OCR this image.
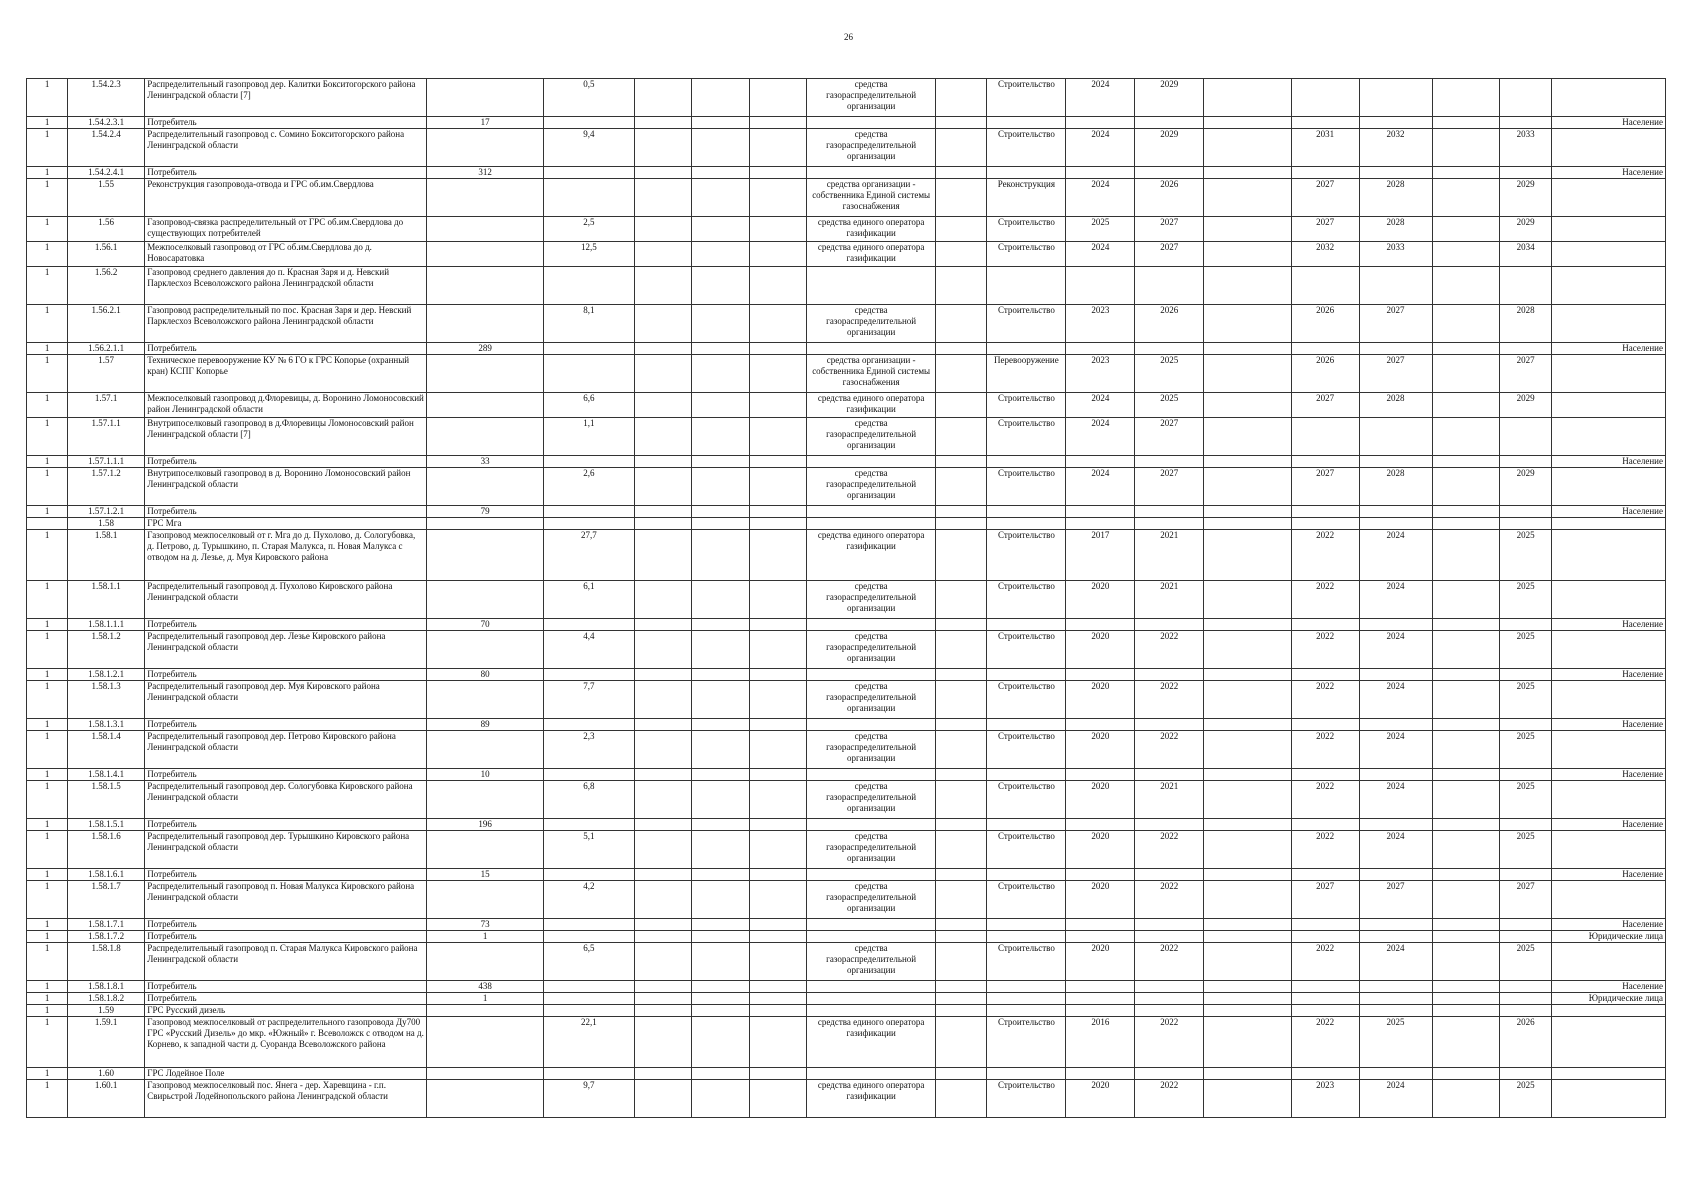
26
1	1.54.2.3	Распределительный газопровод дер. Калитки Бокситогорского района Ленинградской области [7]		0,5				средства газораспределительной организации		Строительство	2024	2029						
1	1.54.2.3.1	Потребитель	17															Население
1	1.54.2.4	Распределительный газопровод с. Сомино Бокситогорского района Ленинградской области		9,4				средства газораспределительной организации		Строительство	2024	2029		2031	2032		2033	
1	1.54.2.4.1	Потребитель	312															Население
1	1.55	Реконструкция газопровода-отвода и ГРС об.им.Свердлова						средства организации - собственника Единой системы газоснабжения		Реконструкция	2024	2026		2027	2028		2029	
1	1.56	Газопровод-связка распределительный от ГРС об.им.Свердлова до существующих потребителей		2,5				средства единого оператора газификации		Строительство	2025	2027		2027	2028		2029	
1	1.56.1	Межпоселковый газопровод от ГРС об.им.Свердлова до д. Новосаратовка		12,5				средства единого оператора газификации		Строительство	2024	2027		2032	2033		2034	
1	1.56.2	Газопровод среднего давления до п. Красная Заря и д. Невский Парклесхоз Всеволожского района Ленинградской области																
1	1.56.2.1	Газопровод распределительный по пос. Красная Заря и дер. Невский Парклесхоз Всеволожского района Ленинградской области		8,1				средства газораспределительной организации		Строительство	2023	2026		2026	2027		2028	
1	1.56.2.1.1	Потребитель	289															Население
1	1.57	Техническое перевооружение КУ № 6 ГО к ГРС Копорье (охранный кран) КСПГ Копорье						средства организации - собственника Единой системы газоснабжения		Перевооружение	2023	2025		2026	2027		2027	
1	1.57.1	Межпоселковый газопровод д.Флоревицы, д. Воронино Ломоносовский район Ленинградской области		6,6				средства единого оператора газификации		Строительство	2024	2025		2027	2028		2029	
1	1.57.1.1	Внутрипоселковый газопровод в д.Флоревицы Ломоносовский район Ленинградской области [7]		1,1				средства газораспределительной организации		Строительство	2024	2027						
1	1.57.1.1.1	Потребитель	33															Население
1	1.57.1.2	Внутрипоселковый газопровод в д. Воронино Ломоносовский район Ленинградской области		2,6				средства газораспределительной организации		Строительство	2024	2027		2027	2028		2029	
1	1.57.1.2.1	Потребитель	79															Население
	1.58	ГРС Мга																
1	1.58.1	Газопровод межпоселковый от г. Мга до д. Пухолово, д. Сологубовка, д. Петрово, д. Турышкино, п. Старая Малукса, п. Новая Малукса с отводом на д. Лезье, д. Муя Кировского района		27,7				средства единого оператора газификации		Строительство	2017	2021		2022	2024		2025	
1	1.58.1.1	Распределительный газопровод д. Пухолово Кировского района Ленинградской области		6,1				средства газораспределительной организации		Строительство	2020	2021		2022	2024		2025	
1	1.58.1.1.1	Потребитель	70															Население
1	1.58.1.2	Распределительный газопровод дер. Лезье Кировского района Ленинградской области		4,4				средства газораспределительной организации		Строительство	2020	2022		2022	2024		2025	
1	1.58.1.2.1	Потребитель	80															Население
1	1.58.1.3	Распределительный газопровод дер. Муя Кировского района Ленинградской области		7,7				средства газораспределительной организации		Строительство	2020	2022		2022	2024		2025	
1	1.58.1.3.1	Потребитель	89															Население
1	1.58.1.4	Распределительный газопровод дер. Петрово Кировского района Ленинградской области		2,3				средства газораспределительной организации		Строительство	2020	2022		2022	2024		2025	
1	1.58.1.4.1	Потребитель	10															Население
1	1.58.1.5	Распределительный газопровод дер. Сологубовка Кировского района Ленинградской области		6,8				средства газораспределительной организации		Строительство	2020	2021		2022	2024		2025	
1	1.58.1.5.1	Потребитель	196															Население
1	1.58.1.6	Распределительный газопровод дер. Турышкино Кировского района Ленинградской области		5,1				средства газораспределительной организации		Строительство	2020	2022		2022	2024		2025	
1	1.58.1.6.1	Потребитель	15															Население
1	1.58.1.7	Распределительный газопровод п. Новая Малукса Кировского района Ленинградской области		4,2				средства газораспределительной организации		Строительство	2020	2022		2027	2027		2027	
1	1.58.1.7.1	Потребитель	73															Население
1	1.58.1.7.2	Потребитель	1															Юридические лица
1	1.58.1.8	Распределительный газопровод п. Старая Малукса Кировского района Ленинградской области		6,5				средства газораспределительной организации		Строительство	2020	2022		2022	2024		2025	
1	1.58.1.8.1	Потребитель	438															Население
1	1.58.1.8.2	Потребитель	1															Юридические лица
1	1.59	ГРС Русский дизель																
1	1.59.1	Газопровод межпоселковый от распределительного газопровода Ду700 ГРС «Русский Дизель» до мкр. «Южный» г. Всеволожск с отводом на д. Корнево, к западной части д. Суоранда Всеволожского района		22,1				средства единого оператора газификации		Строительство	2016	2022		2022	2025		2026	
1	1.60	ГРС Лодейное Поле																
1	1.60.1	Газопровод межпоселковый пос. Янега - дер. Харевщина - г.п. Свирьстрой Лодейнопольского района Ленинградской области		9,7				средства единого оператора газификации		Строительство	2020	2022		2023	2024		2025	
